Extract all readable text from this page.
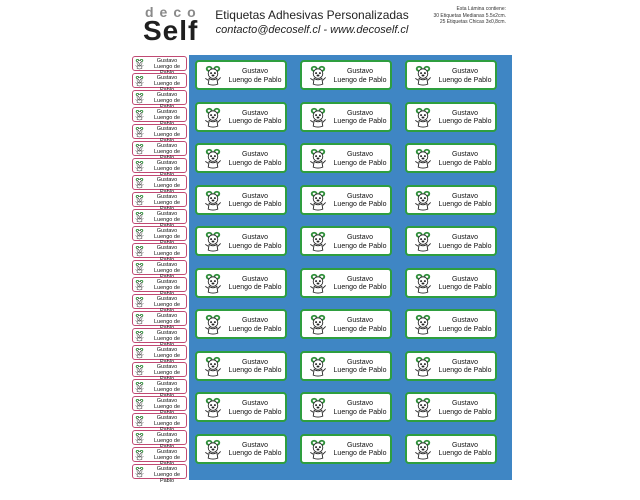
deco
Self Etiquetas Adhesivas Personalizadas
contacto@decoself.cl - www.decoself.cl
Esta Lámina contiene:
30 Etiquetas Medianas 5.5x2cm.
25 Etiquetas Chicas 3x0,8cm.
Gustavo
Luengo de
Gustavo
Luengo de
Gustavo
Luengo de
Gustavo
Luengo de
Gustavo
Luengo de
Gustavo
Luengo de
Gustavo
Luengo de
Gustavo
Luengo de
Gustavo
Luengo de
Gustavo
Luengo de
Gustavo
Luengo de
Gustavo
Luengo de
Gustavo
Luengo de
Gustavo
Luengo de
Gustavo
Luengo de
Gustavo
Luengo de
Gustavo
Luengo de
Gustavo
Luengo de
Gustavo
Luengo de
Gustavo
Luengo de
Gustavo
Luengo de
Gustavo
Luengo de
Gustavo
Luengo de
Gustavo
Luengo de
Gustavo
Luengo de Pablo
Gustavo
Luengo de Pablo
Gustavo
Luengo de Pablo
Gustavo
Luengo de Pablo
Gustavo
Luengo de Pablo
Gustavo
Luengo de Pablo
Gustavo
Luengo de Pablo
Gustavo
Luengo de Pablo
Gustavo
Luengo de Pablo
Gustavo
Luengo de Pablo
Gustavo
Luengo de Pablo
Gustavo
Luengo de Pablo
Gustavo
Luengo de Pablo
Gustavo
Luengo de Pablo
Gustavo
Luengo de Pablo
Gustavo
Luengo de Pablo
Gustavo
Luengo de Pablo
Gustavo
Luengo de Pablo
Gustavo
Luengo de Pablo
Gustavo
Luengo de Pablo
Gustavo
Luengo de Pablo
Gustavo
Luengo de Pablo
Gustavo
Luengo de Pablo
Gustavo
Luengo de Pablo
Gustavo
Luengo de Pablo
Gustavo
Luengo de Pablo
Gustavo
Luengo de Pablo
Gustavo
Luengo de Pablo
Gustavo
Luengo de Pablo
Gustavo
Luengo de Pablo
Gustavo
Luengo de Pablo
